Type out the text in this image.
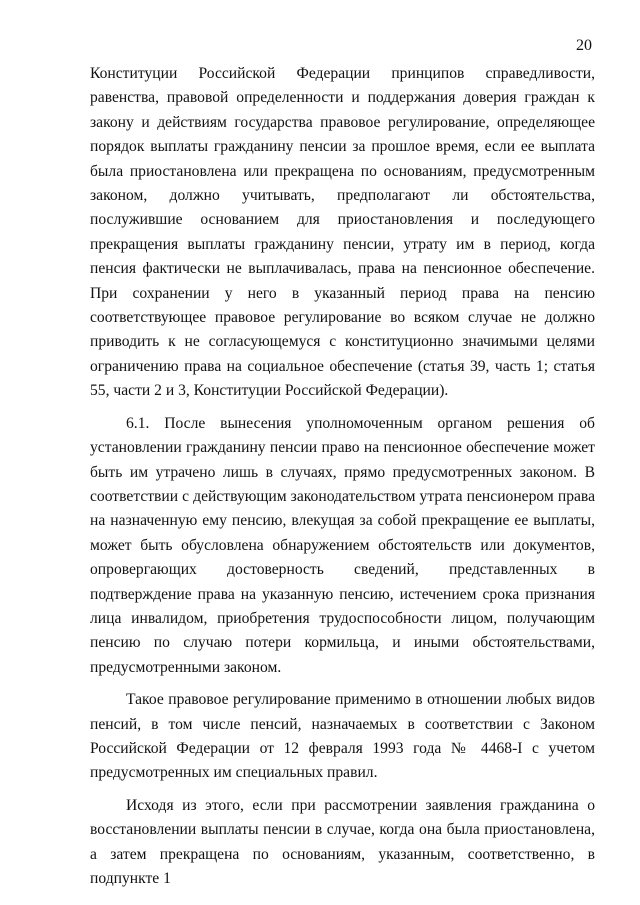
20

Конституции Российской Федерации принципов справедливости, равенства, правовой определенности и поддержания доверия граждан к закону и действиям государства правовое регулирование, определяющее порядок выплаты гражданину пенсии за прошлое время, если ее выплата была приостановлена или прекращена по основаниям, предусмотренным законом, должно учитывать, предполагают ли обстоятельства, послужившие основанием для приостановления и последующего прекращения выплаты гражданину пенсии, утрату им в период, когда пенсия фактически не выплачивалась, права на пенсионное обеспечение. При сохранении у него в указанный период права на пенсию соответствующее правовое регулирование во всяком случае не должно приводить к не согласующемуся с конституционно значимыми целями ограничению права на социальное обеспечение (статья 39, часть 1; статья 55, части 2 и 3, Конституции Российской Федерации).

6.1. После вынесения уполномоченным органом решения об установлении гражданину пенсии право на пенсионное обеспечение может быть им утрачено лишь в случаях, прямо предусмотренных законом. В соответствии с действующим законодательством утрата пенсионером права на назначенную ему пенсию, влекущая за собой прекращение ее выплаты, может быть обусловлена обнаружением обстоятельств или документов, опровергающих достоверность сведений, представленных в подтверждение права на указанную пенсию, истечением срока признания лица инвалидом, приобретения трудоспособности лицом, получающим пенсию по случаю потери кормильца, и иными обстоятельствами, предусмотренными законом.

Такое правовое регулирование применимо в отношении любых видов пенсий, в том числе пенсий, назначаемых в соответствии с Законом Российской Федерации от 12 февраля 1993 года № 4468-I с учетом предусмотренных им специальных правил.

Исходя из этого, если при рассмотрении заявления гражданина о восстановлении выплаты пенсии в случае, когда она была приостановлена, а затем прекращена по основаниям, указанным, соответственно, в подпункте 1
